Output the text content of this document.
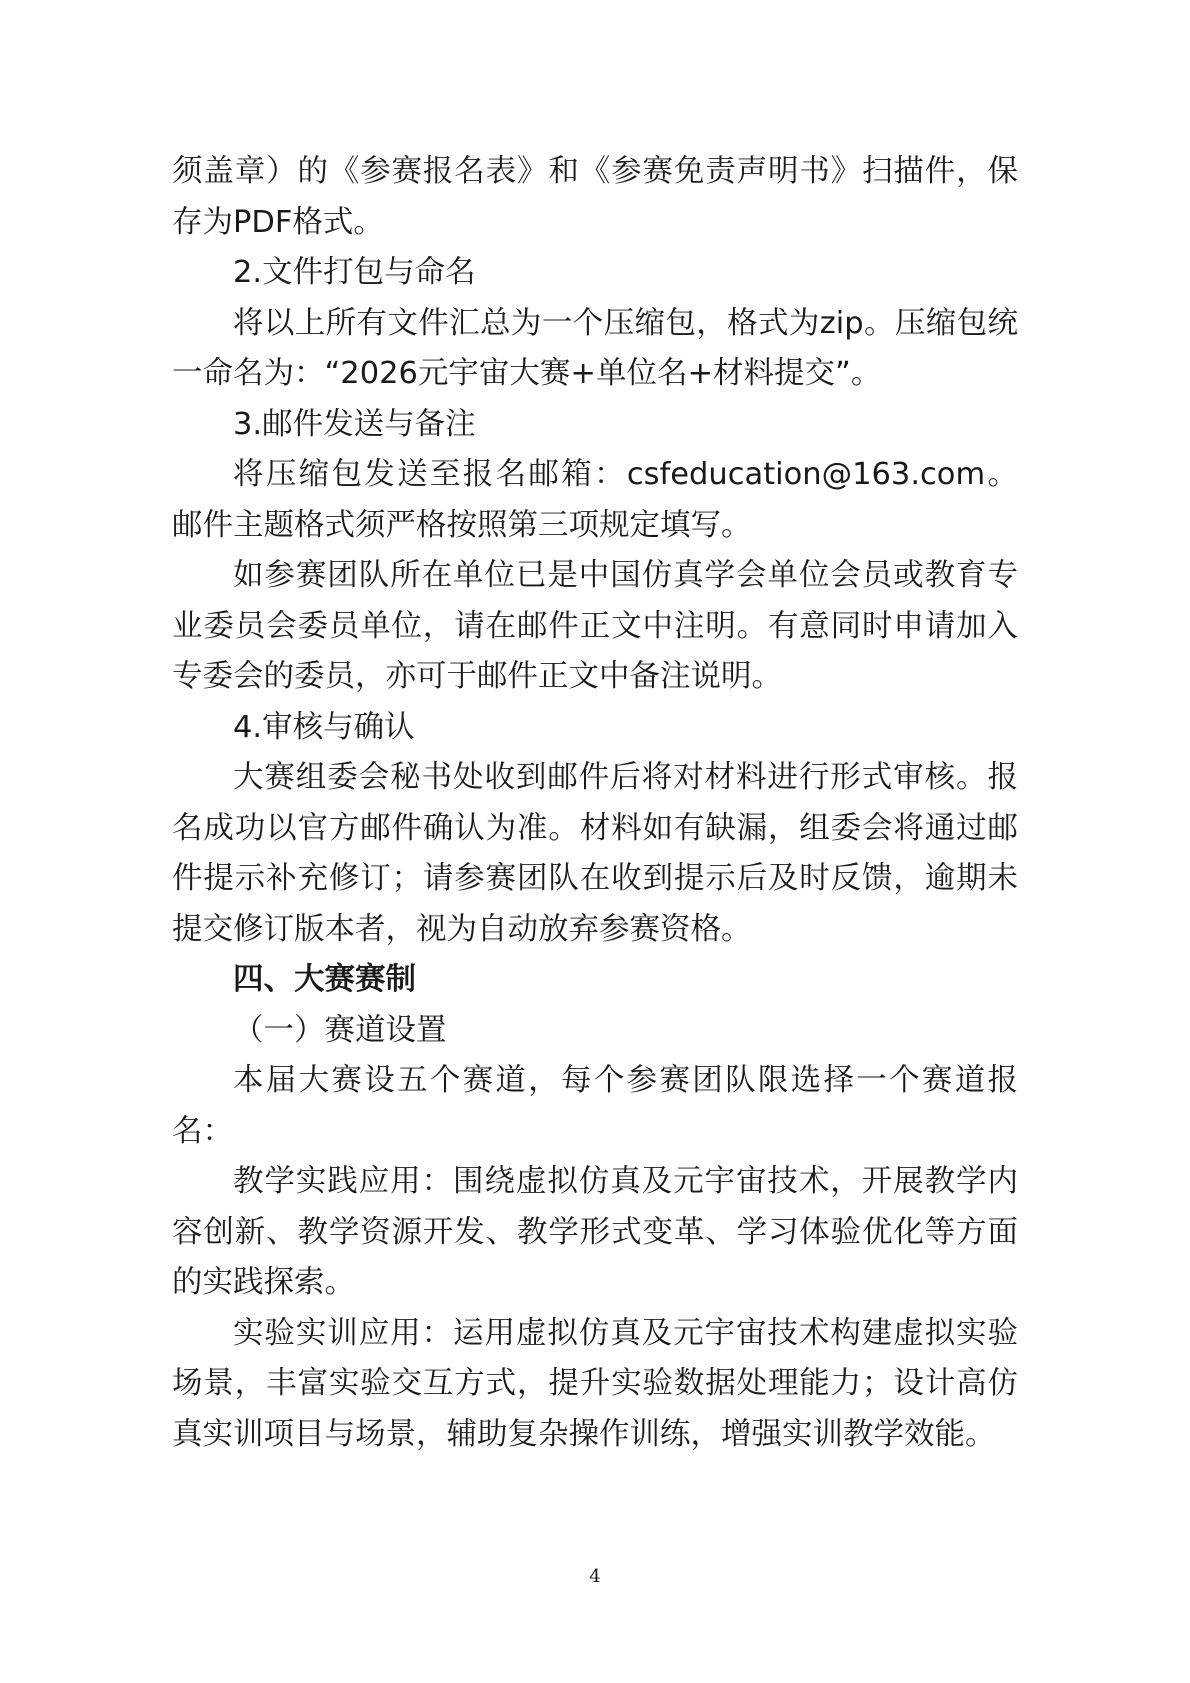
须盖章）的《参赛报名表》和《参赛免责声明书》扫描件，保存为PDF格式。

2.文件打包与命名

将以上所有文件汇总为一个压缩包，格式为zip。压缩包统一命名为：“2026元宇宙大赛+单位名+材料提交”。

3.邮件发送与备注

将压缩包发送至报名邮箱：csfeducation@163.com。邮件主题格式须严格按照第三项规定填写。

如参赛团队所在单位已是中国仿真学会单位会员或教育专业委员会委员单位，请在邮件正文中注明。有意同时申请加入专委会的委员，亦可于邮件正文中备注说明。

4.审核与确认

大赛组委会秘书处收到邮件后将对材料进行形式审核。报名成功以官方邮件确认为准。材料如有缺漏，组委会将通过邮件提示补充修订；请参赛团队在收到提示后及时反馈，逾期未提交修订版本者，视为自动放弃参赛资格。

四、大赛赛制

（一）赛道设置

本届大赛设五个赛道，每个参赛团队限选择一个赛道报名：

教学实践应用：围绕虚拟仿真及元宇宙技术，开展教学内容创新、教学资源开发、教学形式变革、学习体验优化等方面的实践探索。

实验实训应用：运用虚拟仿真及元宇宙技术构建虚拟实验场景，丰富实验交互方式，提升实验数据处理能力；设计高仿真实训项目与场景，辅助复杂操作训练，增强实训教学效能。

4
